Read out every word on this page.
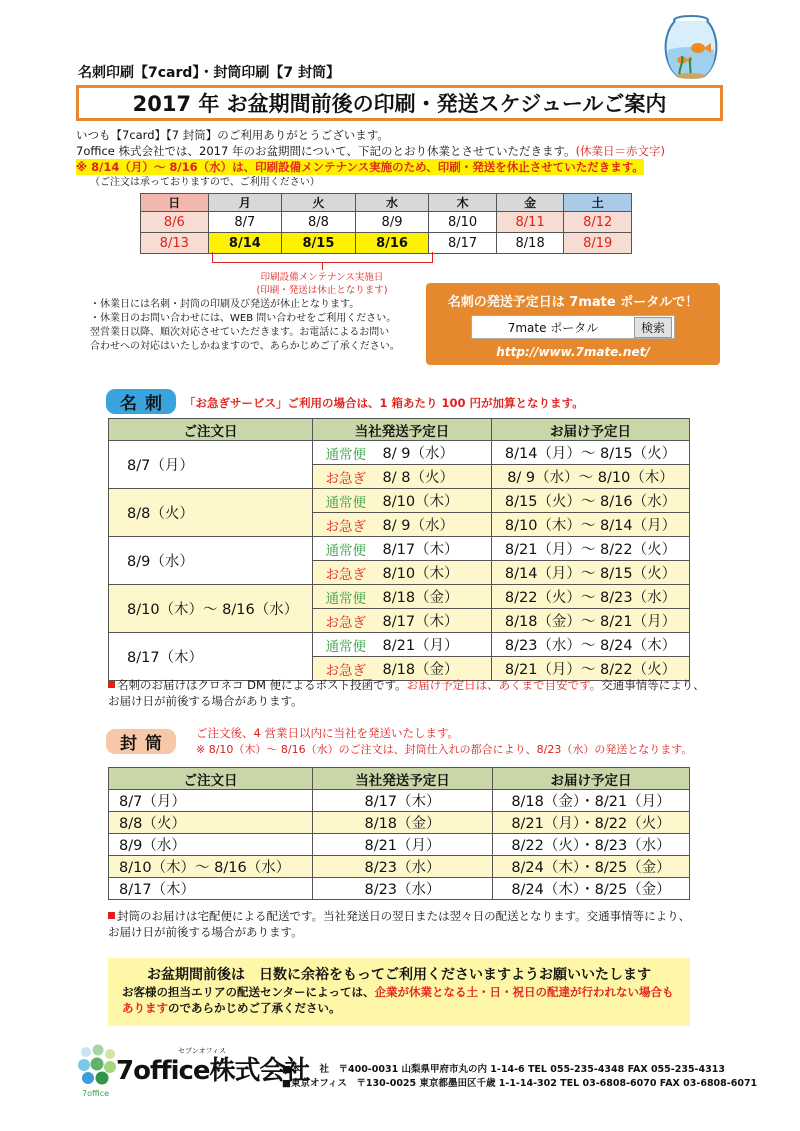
名刺印刷【7card】・封筒印刷【7 封筒】
2017 年 お盆期間前後の印刷・発送スケジュールご案内
いつも【7card】【7 封筒】のご利用ありがとうございます。
7office 株式会社では、2017 年のお盆期間について、下記のとおり休業とさせていただきます。(休業日＝赤文字)
※ 8/14（月）～ 8/16（水）は、印刷設備メンテナンス実施のため、印刷・発送を休止させていただきます。
（ご注文は承っておりますので、ご利用ください）
日	月	火	水	木	金	土
8/6	8/7	8/8	8/9	8/10	8/11	8/12
8/13	8/14	8/15	8/16	8/17	8/18	8/19
印刷設備メンテナンス実施日
(印刷・発送は休止となります)
・休業日には名刺・封筒の印刷及び発送が休止となります。
・休業日のお問い合わせには、WEB 問い合わせをご利用ください。
翌営業日以降、順次対応させていただきます。お電話によるお問い
合わせへの対応はいたしかねますので、あらかじめご了承ください。
名刺の発送予定日は 7mate ポータルで！
7mate ポータル	検索
http://www.7mate.net/
名刺	「お急ぎサービス」ご利用の場合は、1 箱あたり 100 円が加算となります。
ご注文日	当社発送予定日		お届け予定日
8/7（月）	通常便	8/ 9（水）	8/14（月）～ 8/15（火）
	お急ぎ	8/ 8（火）	8/ 9（水）～ 8/10（木）
8/8（火）	通常便	8/10（木）	8/15（火）～ 8/16（水）
	お急ぎ	8/ 9（水）	8/10（木）～ 8/14（月）
8/9（水）	通常便	8/17（木）	8/21（月）～ 8/22（火）
	お急ぎ	8/10（木）	8/14（月）～ 8/15（火）
8/10（木）～ 8/16（水）	通常便	8/18（金）	8/22（火）～ 8/23（水）
	お急ぎ	8/17（木）	8/18（金）～ 8/21（月）
8/17（木）	通常便	8/21（月）	8/23（水）～ 8/24（木）
	お急ぎ	8/18（金）	8/21（月）～ 8/22（火）
名刺のお届けはクロネコ DM 便によるポスト投函です。お届け予定日は、あくまで目安です。交通事情等により、
お届け日が前後する場合があります。
封筒
ご注文後、4 営業日以内に当社を発送いたします。
※ 8/10（木）～ 8/16（水）のご注文は、封筒仕入れの都合により、8/23（水）の発送となります。
ご注文日	当社発送予定日	お届け予定日
8/7（月）	8/17（木）	8/18（金）・8/21（月）
8/8（火）	8/18（金）	8/21（月）・8/22（火）
8/9（水）	8/21（月）	8/22（火）・8/23（水）
8/10（木）～ 8/16（水）	8/23（水）	8/24（木）・8/25（金）
8/17（木）	8/23（水）	8/24（木）・8/25（金）
封筒のお届けは宅配便による配送です。当社発送日の翌日または翌々日の配送となります。交通事情等により、
お届け日が前後する場合があります。
お盆期間前後は　日数に余裕をもってご利用くださいますようお願いいたします
お客様の担当エリアの配送センターによっては、企業が休業となる土・日・祝日の配達が行われない場合も
ありますのであらかじめご了承ください。
セブンオフィス
7office株式会社
7office
■本　　社　〒400-0031 山梨県甲府市丸の内 1-14-6 TEL 055-235-4348 FAX 055-235-4313
■東京オフィス　〒130-0025 東京都墨田区千歳 1-1-14-302 TEL 03-6808-6070 FAX 03-6808-6071
